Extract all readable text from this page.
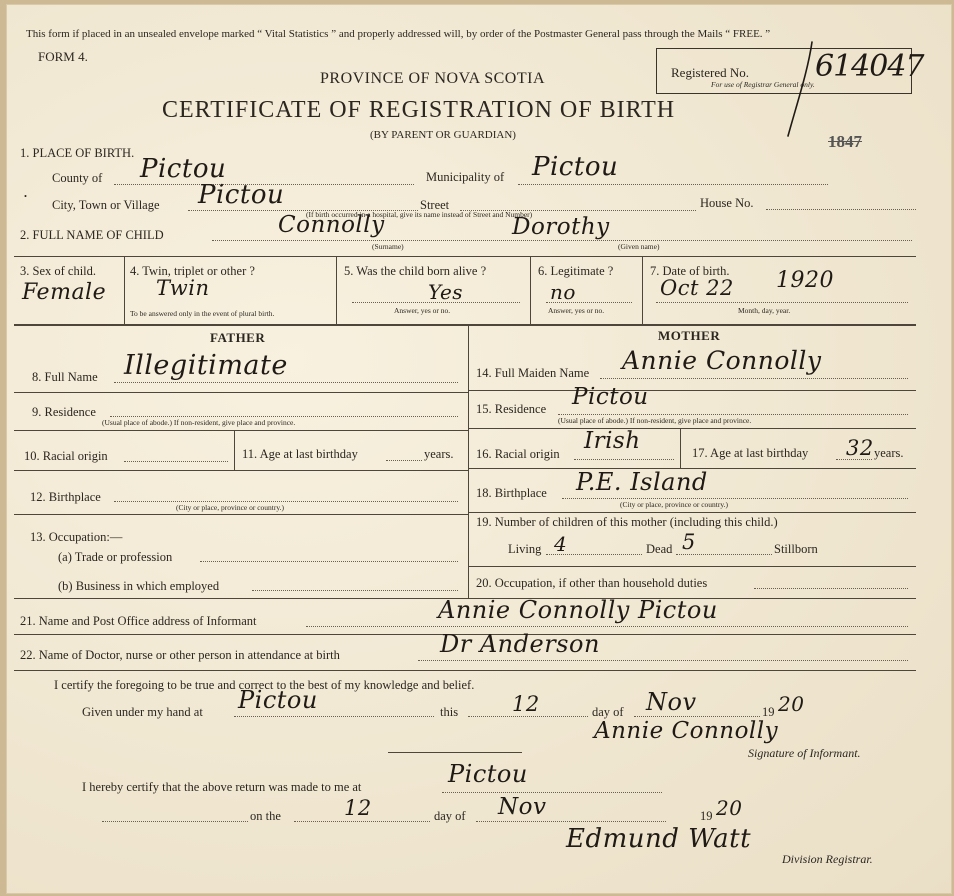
This form if placed in an unsealed envelope marked “ Vital Statistics ” and properly addressed will, by order of the Postmaster General pass through the Mails “ FREE. ”
FORM 4.
PROVINCE OF NOVA SCOTIA
CERTIFICATE OF REGISTRATION OF BIRTH
(BY PARENT OR GUARDIAN)
Registered No.
For use of Registrar General only.
614047
1847
1. PLACE OF BIRTH.
County of Pictou	Municipality of Pictou
•
City, Town or Village Pictou	Street	House No.
(If birth occurred in a hospital, give its name instead of Street and Number)
2. FULL NAME OF CHILD	Connolly
(Surname)
Dorothy
(Given name)
3. Sex of child.
Female
4. Twin, triplet or other ?
Twin
To be answered only in the event of plural birth.
5. Was the child born alive ?
Yes
Answer, yes or no.
6. Legitimate ?
no
Answer, yes or no.
7. Date of birth.
Oct 22 1920
Month, day, year.
FATHER	MOTHER
8. Full Name Illegitimate
9. Residence
(Usual place of abode.) If non-resident, give place and province.
10. Racial origin	11. Age at last birthday	years.
12. Birthplace
(City or place, province or country.)
13. Occupation:—
(a) Trade or profession
(b) Business in which employed
14. Full Maiden Name Annie Connolly
15. Residence Pictou
(Usual place of abode.) If non-resident, give place and province.
16. Racial origin Irish	17. Age at last birthday 32 years.
18. Birthplace P.E. Island
(City or place, province or country.)
19. Number of children of this mother (including this child.)
Living 4	Dead 5	Stillborn
20. Occupation, if other than household duties
21. Name and Post Office address of Informant	Annie Connolly Pictou
22. Name of Doctor, nurse or other person in attendance at birth	Dr Anderson
I certify the foregoing to be true and correct to the best of my knowledge and belief.
Given under my hand at Pictou	this	12	day of Nov	19 20
Annie Connolly
Signature of Informant.
I hereby certify that the above return was made to me at	Pictou
on the	12	day of Nov	19 20
Edmund Watt
Division Registrar.
